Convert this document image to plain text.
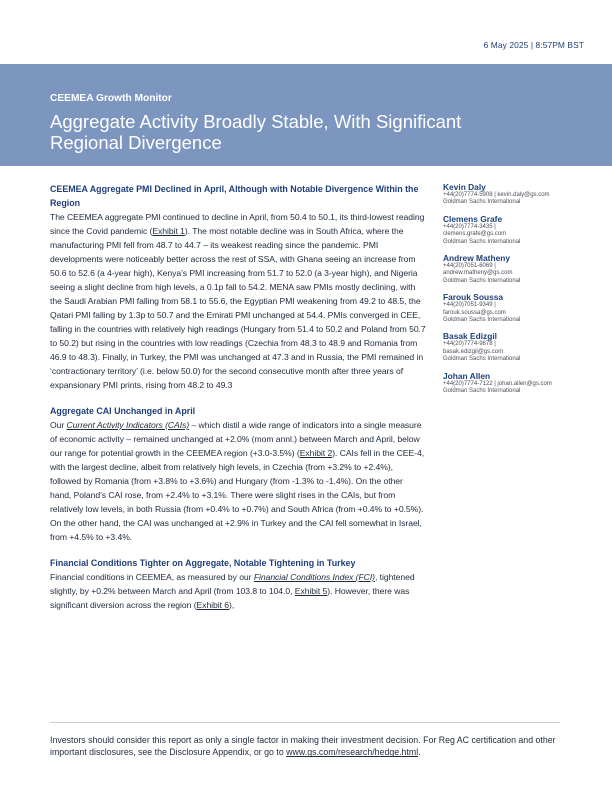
6 May 2025 | 8:57PM BST
CEEMEA Growth Monitor
Aggregate Activity Broadly Stable, With Significant
Regional Divergence
CEEMEA Aggregate PMI Declined in April, Although with Notable Divergence Within the Region

The CEEMEA aggregate PMI continued to decline in April, from 50.4 to 50.1, its third-lowest reading since the Covid pandemic (Exhibit 1). The most notable decline was in South Africa, where the manufacturing PMI fell from 48.7 to 44.7 – its weakest reading since the pandemic. PMI developments were noticeably better across the rest of SSA, with Ghana seeing an increase from 50.6 to 52.6 (a 4-year high), Kenya’s PMI increasing from 51.7 to 52.0 (a 3-year high), and Nigeria seeing a slight decline from high levels, a 0.1p fall to 54.2. MENA saw PMIs mostly declining, with the Saudi Arabian PMI falling from 58.1 to 55.6, the Egyptian PMI weakening from 49.2 to 48.5, the Qatari PMI falling by 1.3p to 50.7 and the Emirati PMI unchanged at 54.4. PMIs converged in CEE, falling in the countries with relatively high readings (Hungary from 51.4 to 50.2 and Poland from 50.7 to 50.2) but rising in the countries with low readings (Czechia from 48.3 to 48.9 and Romania from 46.9 to 48.3). Finally, in Turkey, the PMI was unchanged at 47.3 and in Russia, the PMI remained in ‘contractionary territory’ (i.e. below 50.0) for the second consecutive month after three years of expansionary PMI prints, rising from 48.2 to 49.3

Aggregate CAI Unchanged in April

Our Current Activity Indicators (CAIs) – which distil a wide range of indicators into a single measure of economic activity – remained unchanged at +2.0% (mom annl.) between March and April, below our range for potential growth in the CEEMEA region (+3.0-3.5%) (Exhibit 2). CAIs fell in the CEE-4, with the largest decline, albeit from relatively high levels, in Czechia (from +3.2% to +2.4%), followed by Romania (from +3.8% to +3.6%) and Hungary (from -1.3% to -1.4%). On the other hand, Poland’s CAI rose, from +2.4% to +3.1%. There were slight rises in the CAIs, but from relatively low levels, in both Russia (from +0.4% to +0.7%) and South Africa (from +0.4% to +0.5%). On the other hand, the CAI was unchanged at +2.9% in Turkey and the CAI fell somewhat in Israel, from +4.5% to +3.4%.

Financial Conditions Tighter on Aggregate, Notable Tightening in Turkey

Financial conditions in CEEMEA, as measured by our Financial Conditions Index (FCI), tightened slightly, by +0.2% between March and April (from 103.8 to 104.0, Exhibit 5). However, there was significant diversion across the region (Exhibit 6),

Kevin Daly
+44(20)7774-5908 | kevin.daly@gs.com
Goldman Sachs International
Clemens Grafe
+44(20)7774-3435 |
clemens.grafe@gs.com
Goldman Sachs International
Andrew Matheny
+44(20)7051-6069 |
andrew.matheny@gs.com
Goldman Sachs International
Farouk Soussa
+44(20)7051-9349 |
farouk.soussa@gs.com
Goldman Sachs International
Basak Edizgil
+44(20)7774-9878 |
basak.edizgil@gs.com
Goldman Sachs International
Johan Allen
+44(20)7774-7122 | johan.allen@gs.com
Goldman Sachs International
Investors should consider this report as only a single factor in making their investment decision. For Reg AC certification and other important disclosures, see the Disclosure Appendix, or go to www.gs.com/research/hedge.html.
